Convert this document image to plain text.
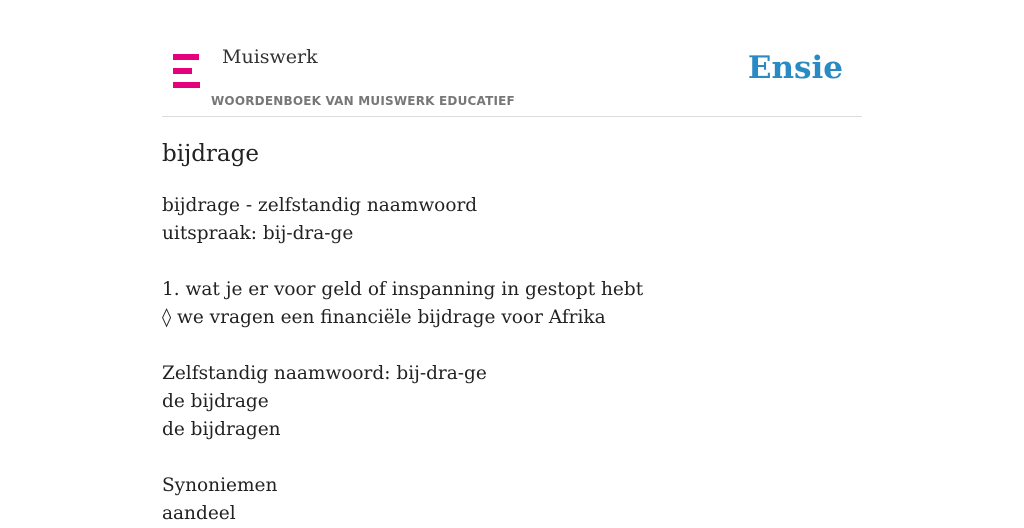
Muiswerk
WOORDENBOEK VAN MUISWERK EDUCATIEF
Ensie
bijdrage
bijdrage - zelfstandig naamwoord
uitspraak: bij-dra-ge
1. wat je er voor geld of inspanning in gestopt hebt
◊ we vragen een financiële bijdrage voor Afrika
Zelfstandig naamwoord: bij-dra-ge
de bijdrage
de bijdragen
Synoniemen
aandeel
